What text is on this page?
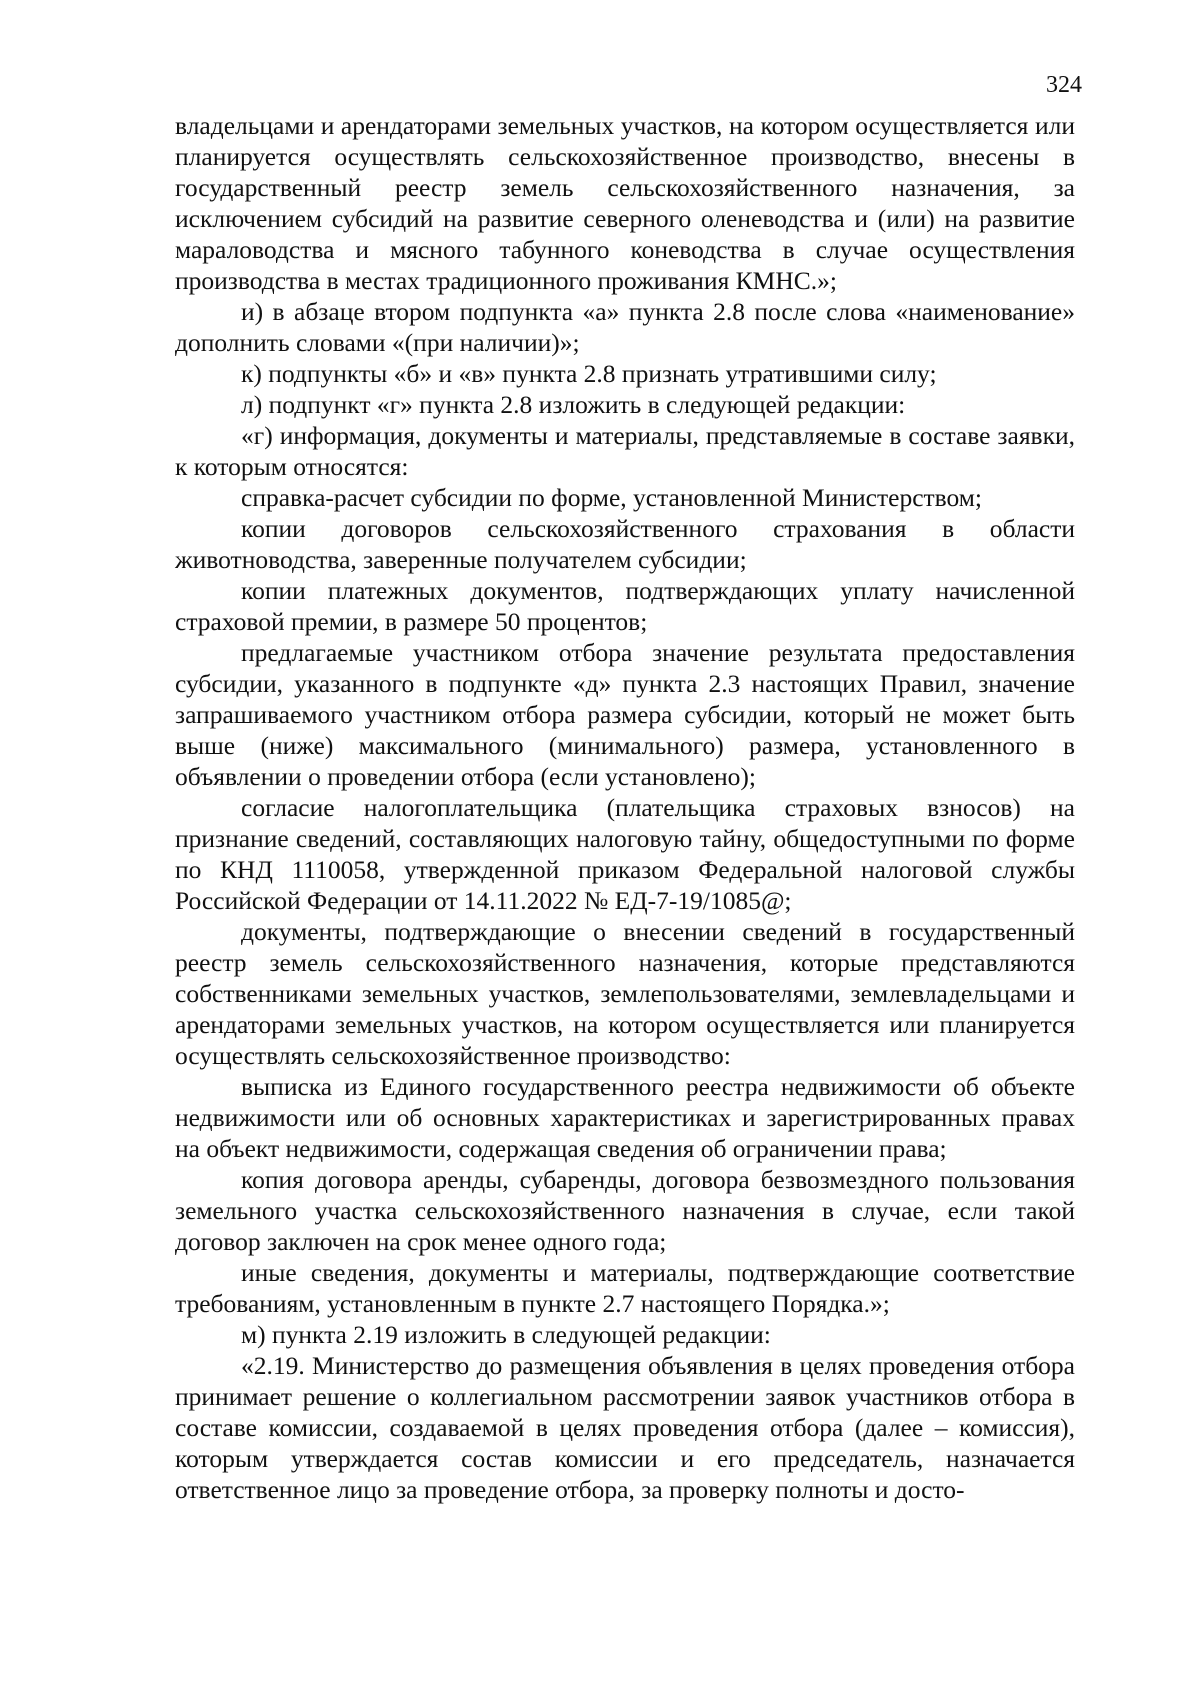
324

владельцами и арендаторами земельных участков, на котором осуществляется или планируется осуществлять сельскохозяйственное производство, внесены в государственный реестр земель сельскохозяйственного назначения, за исключением субсидий на развитие северного оленеводства и (или) на развитие мараловодства и мясного табунного коневодства в случае осуществления производства в местах традиционного проживания КМНС.»;

и) в абзаце втором подпункта «а» пункта 2.8 после слова «наименование» дополнить словами «(при наличии)»;

к) подпункты «б» и «в» пункта 2.8 признать утратившими силу;

л) подпункт «г» пункта 2.8 изложить в следующей редакции:

«г) информация, документы и материалы, представляемые в составе заявки, к которым относятся:

справка-расчет субсидии по форме, установленной Министерством;

копии договоров сельскохозяйственного страхования в области животноводства, заверенные получателем субсидии;

копии платежных документов, подтверждающих уплату начисленной страховой премии, в размере 50 процентов;

предлагаемые участником отбора значение результата предоставления субсидии, указанного в подпункте «д» пункта 2.3 настоящих Правил, значение запрашиваемого участником отбора размера субсидии, который не может быть выше (ниже) максимального (минимального) размера, установленного в объявлении о проведении отбора (если установлено);

согласие налогоплательщика (плательщика страховых взносов) на признание сведений, составляющих налоговую тайну, общедоступными по форме по КНД 1110058, утвержденной приказом Федеральной налоговой службы Российской Федерации от 14.11.2022 № ЕД-7-19/1085@;

документы, подтверждающие о внесении сведений в государственный реестр земель сельскохозяйственного назначения, которые представляются собственниками земельных участков, землепользователями, землевладельцами и арендаторами земельных участков, на котором осуществляется или планируется осуществлять сельскохозяйственное производство:

выписка из Единого государственного реестра недвижимости об объекте недвижимости или об основных характеристиках и зарегистрированных правах на объект недвижимости, содержащая сведения об ограничении права;

копия договора аренды, субаренды, договора безвозмездного пользования земельного участка сельскохозяйственного назначения в случае, если такой договор заключен на срок менее одного года;

иные сведения, документы и материалы, подтверждающие соответствие требованиям, установленным в пункте 2.7 настоящего Порядка.»;

м) пункта 2.19 изложить в следующей редакции:

«2.19. Министерство до размещения объявления в целях проведения отбора принимает решение о коллегиальном рассмотрении заявок участников отбора в составе комиссии, создаваемой в целях проведения отбора (далее – комиссия), которым утверждается состав комиссии и его председатель, назначается ответственное лицо за проведение отбора, за проверку полноты и досто-
